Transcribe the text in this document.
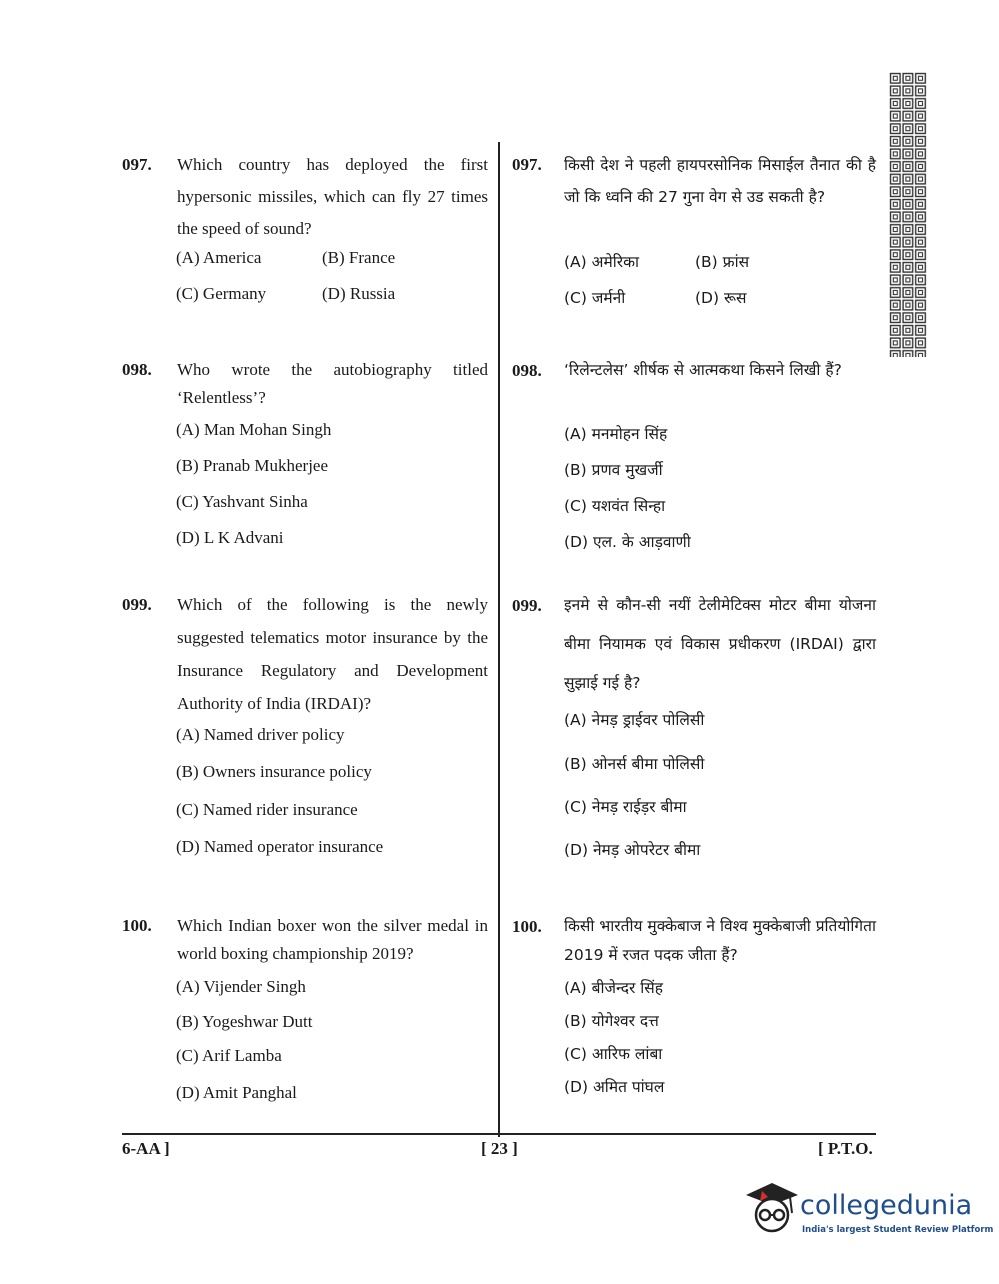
097. Which country has deployed the first hypersonic missiles, which can fly 27 times the speed of sound?
(A) America	(B) France
(C) Germany	(D) Russia
098. Who wrote the autobiography titled ‘Relentless’?
(A) Man Mohan Singh
(B) Pranab Mukherjee
(C) Yashvant Sinha
(D) L K Advani
099. Which of the following is the newly suggested telematics motor insurance by the Insurance Regulatory and Development Authority of India (IRDAI)?
(A) Named driver policy
(B) Owners insurance policy
(C) Named rider insurance
(D) Named operator insurance
100. Which Indian boxer won the silver medal in world boxing championship 2019?
(A) Vijender Singh
(B) Yogeshwar Dutt
(C) Arif Lamba
(D) Amit Panghal
097. किसी देश ने पहली हायपरसोनिक मिसाईल तैनात की है जो कि ध्वनि की 27 गुना वेग से उड सकती है?
(A) अमेरिका	(B) फ्रांस
(C) जर्मनी	(D) रूस
098. ‘रिलेन्टलेस’ शीर्षक से आत्मकथा किसने लिखी हैं?
(A) मनमोहन सिंह
(B) प्रणव मुखर्जी
(C) यशवंत सिन्हा
(D) एल. के आड़वाणी
099. इनमे से कौन-सी नयीं टेलीमेटिक्स मोटर बीमा योजना बीमा नियामक एवं विकास प्रधीकरण (IRDAI) द्वारा सुझाई गई है?
(A) नेमड़ ड्राईवर पोलिसी
(B) ओनर्स बीमा पोलिसी
(C) नेमड़ राईड़र बीमा
(D) नेमड़ ओपरेटर बीमा
100. किसी भारतीय मुक्केबाज ने विश्व मुक्केबाजी प्रतियोगिता 2019 में रजत पदक जीता हैं?
(A) बीजेन्दर सिंह
(B) योगेश्वर दत्त
(C) आरिफ लांबा
(D) अमित पांघल
6-AA ]	[ 23 ]	[ P.T.O.
collegedunia
India's largest Student Review Platform
